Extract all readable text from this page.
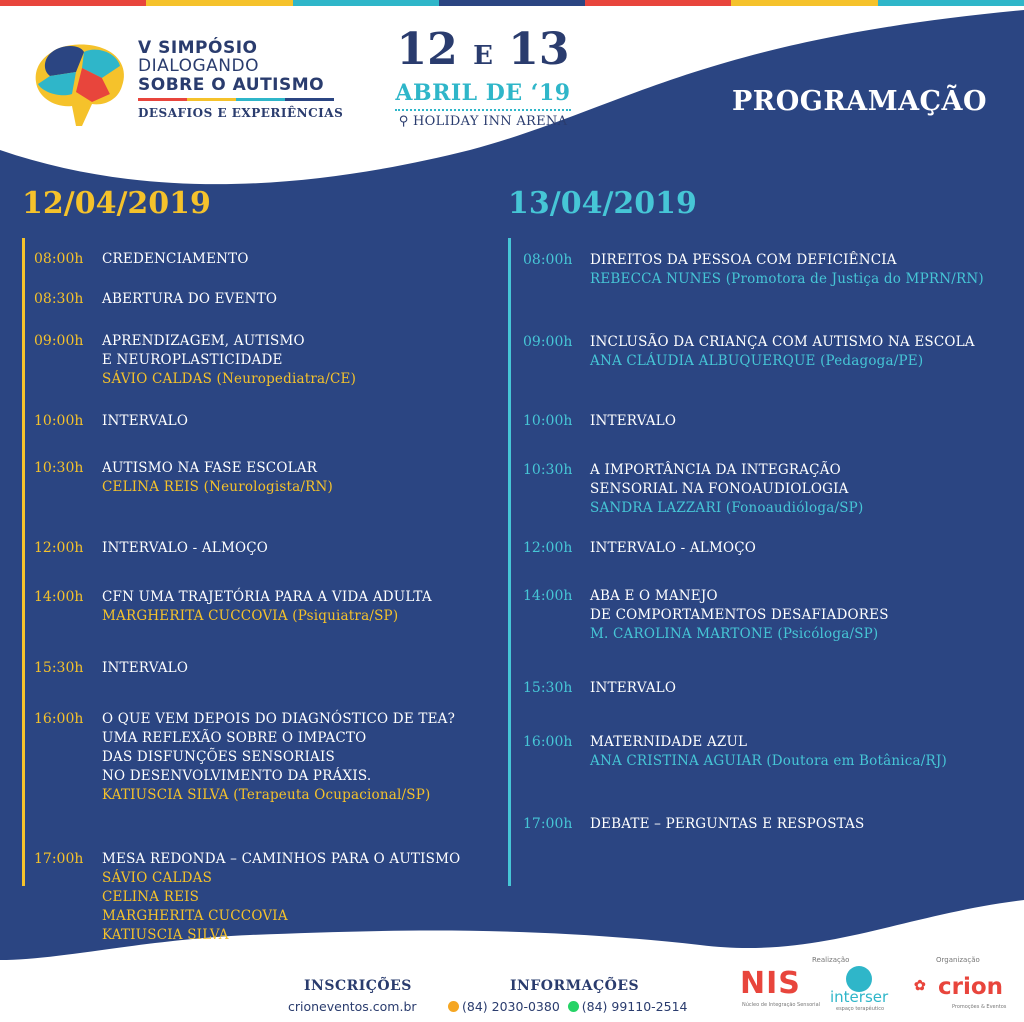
V SIMPÓSIO
DIALOGANDO
SOBRE O AUTISMO
DESAFIOS E EXPERIÊNCIAS
12 E 13
ABRIL DE ‘19
⚲ HOLIDAY INN ARENA
PROGRAMAÇÃO
12/04/2019	13/04/2019
08:00h CREDENCIAMENTO
08:30h ABERTURA DO EVENTO
09:00h APRENDIZAGEM, AUTISMO
E NEUROPLASTICIDADE
SÁVIO CALDAS (Neuropediatra/CE)
10:00h INTERVALO
10:30h AUTISMO NA FASE ESCOLAR
CELINA REIS (Neurologista/RN)
12:00h INTERVALO - ALMOÇO
14:00h CFN UMA TRAJETÓRIA PARA A VIDA ADULTA
MARGHERITA CUCCOVIA (Psiquiatra/SP)
15:30h INTERVALO
16:00h O QUE VEM DEPOIS DO DIAGNÓSTICO DE TEA?
UMA REFLEXÃO SOBRE O IMPACTO
DAS DISFUNÇÕES SENSORIAIS
NO DESENVOLVIMENTO DA PRÁXIS.
KATIUSCIA SILVA (Terapeuta Ocupacional/SP)
17:00h MESA REDONDA – CAMINHOS PARA O AUTISMO
SÁVIO CALDAS
CELINA REIS
MARGHERITA CUCCOVIA
KATIUSCIA SILVA
08:00h DIREITOS DA PESSOA COM DEFICIÊNCIA
REBECCA NUNES (Promotora de Justiça do MPRN/RN)
09:00h INCLUSÃO DA CRIANÇA COM AUTISMO NA ESCOLA
ANA CLÁUDIA ALBUQUERQUE (Pedagoga/PE)
10:00h INTERVALO
10:30h A IMPORTÂNCIA DA INTEGRAÇÃO
SENSORIAL NA FONOAUDIOLOGIA
SANDRA LAZZARI (Fonoaudióloga/SP)
12:00h INTERVALO - ALMOÇO
14:00h ABA E O MANEJO
DE COMPORTAMENTOS DESAFIADORES
M. CAROLINA MARTONE (Psicóloga/SP)
15:30h INTERVALO
16:00h MATERNIDADE AZUL
ANA CRISTINA AGUIAR (Doutora em Botânica/RJ)
17:00h DEBATE – PERGUNTAS E RESPOSTAS
INSCRIÇÕES
crioneventos.com.br
INFORMAÇÕES
(84) 2030-0380 (84) 99110-2514
Realização	Organização
NIS
Núcleo de Integração Sensorial interser
espaço terapêutico
✿ crion
Promoções & Eventos
